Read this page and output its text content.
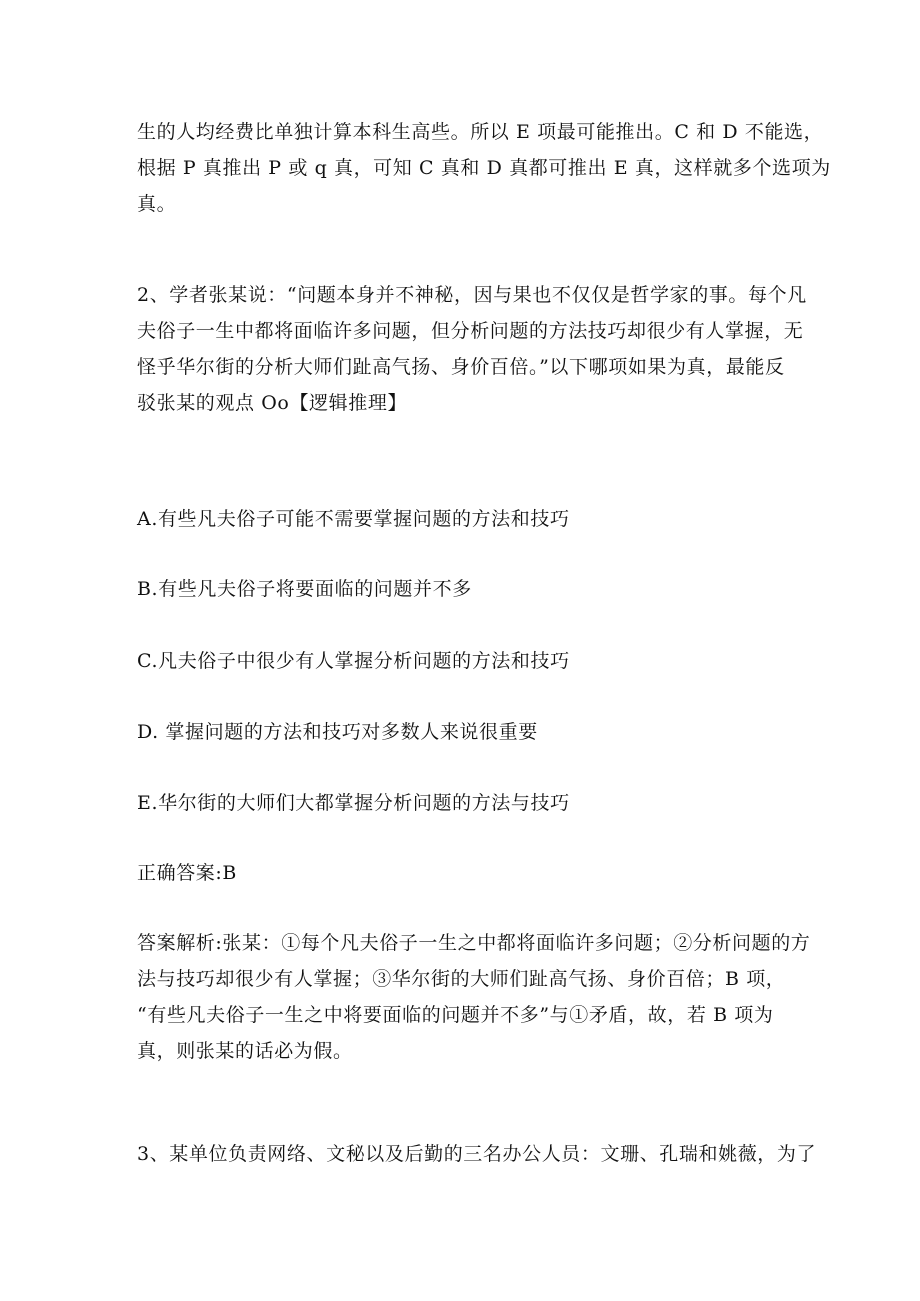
生的人均经费比单独计算本科生高些。所以 E 项最可能推出。C 和 D 不能选，
根据 P 真推出 P 或 q 真，可知 C 真和 D 真都可推出 E 真，这样就多个选项为
真。

2、学者张某说：“问题本身并不神秘，因与果也不仅仅是哲学家的事。每个凡
夫俗子一生中都将面临许多问题，但分析问题的方法技巧却很少有人掌握，无
怪乎华尔街的分析大师们趾高气扬、身价百倍。”以下哪项如果为真，最能反
驳张某的观点 Oo【逻辑推理】

A.有些凡夫俗子可能不需要掌握问题的方法和技巧

B.有些凡夫俗子将要面临的问题并不多

C.凡夫俗子中很少有人掌握分析问题的方法和技巧

D. 掌握问题的方法和技巧对多数人来说很重要

E.华尔街的大师们大都掌握分析问题的方法与技巧

正确答案:B

答案解析:张某：①每个凡夫俗子一生之中都将面临许多问题；②分析问题的方
法与技巧却很少有人掌握；③华尔街的大师们趾高气扬、身价百倍；B 项，
“有些凡夫俗子一生之中将要面临的问题并不多”与①矛盾，故，若 B 项为
真，则张某的话必为假。

3、某单位负责网络、文秘以及后勤的三名办公人员：文珊、孔瑞和姚薇，为了
